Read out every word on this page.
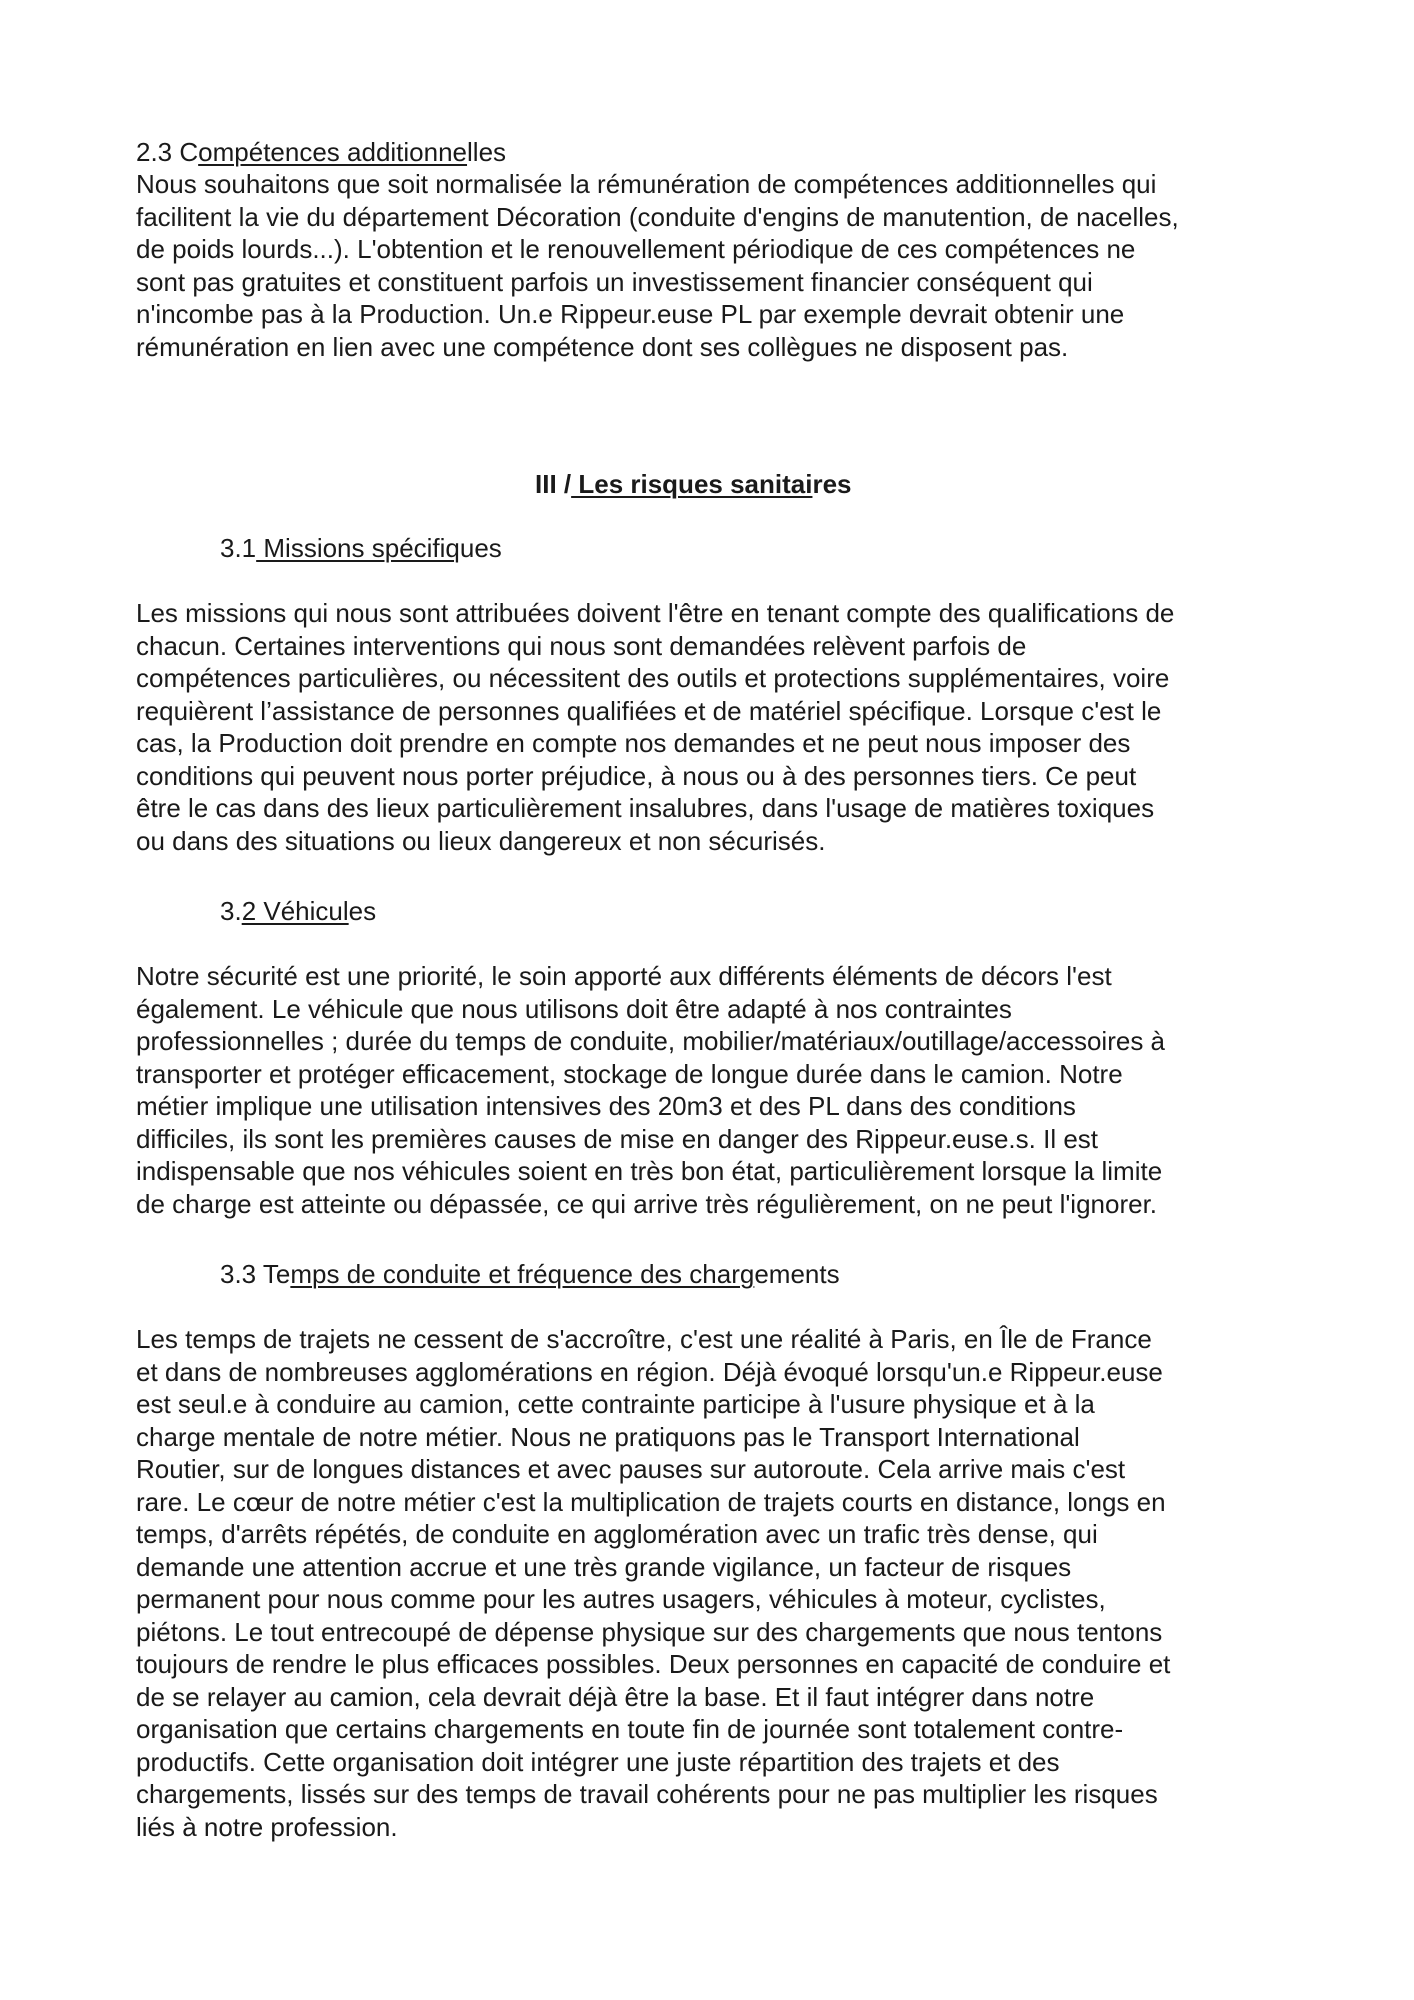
2.3 Compétences additionnelles

Nous souhaitons que soit normalisée la rémunération de compétences additionnelles qui
facilitent la vie du département Décoration (conduite d'engins de manutention, de nacelles,
de poids lourds...). L'obtention et le renouvellement périodique de ces compétences ne
sont pas gratuites et constituent parfois un investissement financier conséquent qui
n'incombe pas à la Production. Un.e Rippeur.euse PL par exemple devrait obtenir une
rémunération en lien avec une compétence dont ses collègues ne disposent pas.

III / Les risques sanitaires

3.1 Missions spécifiques

Les missions qui nous sont attribuées doivent l'être en tenant compte des qualifications de
chacun. Certaines interventions qui nous sont demandées relèvent parfois de
compétences particulières, ou nécessitent des outils et protections supplémentaires, voire
requièrent l’assistance de personnes qualifiées et de matériel spécifique. Lorsque c'est le
cas, la Production doit prendre en compte nos demandes et ne peut nous imposer des
conditions qui peuvent nous porter préjudice, à nous ou à des personnes tiers. Ce peut
être le cas dans des lieux particulièrement insalubres, dans l'usage de matières toxiques
ou dans des situations ou lieux dangereux et non sécurisés.

3.2 Véhicules

Notre sécurité est une priorité, le soin apporté aux différents éléments de décors l'est
également. Le véhicule que nous utilisons doit être adapté à nos contraintes
professionnelles ; durée du temps de conduite, mobilier/matériaux/outillage/accessoires à
transporter et protéger efficacement, stockage de longue durée dans le camion. Notre
métier implique une utilisation intensives des 20m3 et des PL dans des conditions
difficiles, ils sont les premières causes de mise en danger des Rippeur.euse.s. Il est
indispensable que nos véhicules soient en très bon état, particulièrement lorsque la limite
de charge est atteinte ou dépassée, ce qui arrive très régulièrement, on ne peut l'ignorer.

3.3 Temps de conduite et fréquence des chargements

Les temps de trajets ne cessent de s'accroître, c'est une réalité à Paris, en Île de France
et dans de nombreuses agglomérations en région. Déjà évoqué lorsqu'un.e Rippeur.euse
est seul.e à conduire au camion, cette contrainte participe à l'usure physique et à la
charge mentale de notre métier. Nous ne pratiquons pas le Transport International
Routier, sur de longues distances et avec pauses sur autoroute. Cela arrive mais c'est
rare. Le cœur de notre métier c'est la multiplication de trajets courts en distance, longs en
temps, d'arrêts répétés, de conduite en agglomération avec un trafic très dense, qui
demande une attention accrue et une très grande vigilance, un facteur de risques
permanent pour nous comme pour les autres usagers, véhicules à moteur, cyclistes,
piétons. Le tout entrecoupé de dépense physique sur des chargements que nous tentons
toujours de rendre le plus efficaces possibles. Deux personnes en capacité de conduire et
de se relayer au camion, cela devrait déjà être la base. Et il faut intégrer dans notre
organisation que certains chargements en toute fin de journée sont totalement contre-
productifs. Cette organisation doit intégrer une juste répartition des trajets et des
chargements, lissés sur des temps de travail cohérents pour ne pas multiplier les risques
liés à notre profession.
